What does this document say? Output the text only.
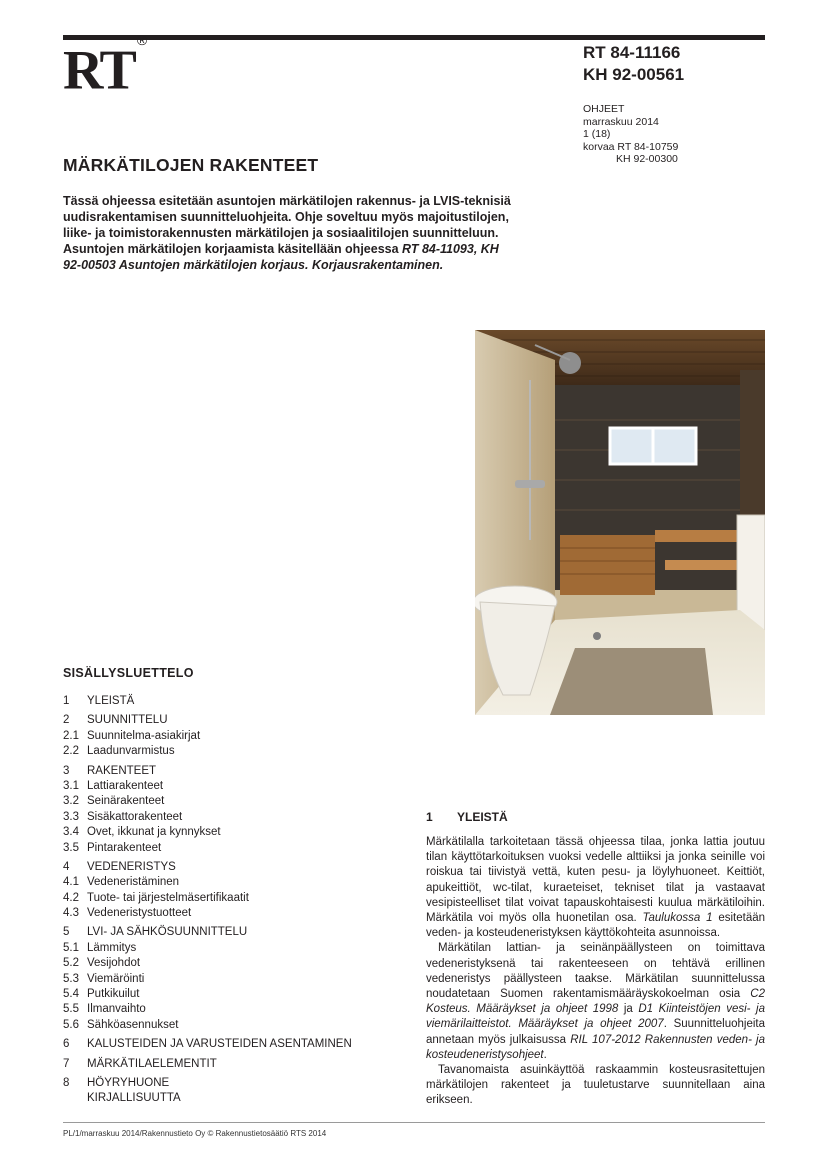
RT ®
RT 84-11166
KH 92-00561
OHJEET
marraskuu 2014
1 (18)
korvaa RT 84-10759
KH 92-00300
MÄRKÄTILOJEN RAKENTEET
Tässä ohjeessa esitetään asuntojen märkätilojen rakennus- ja LVIS-teknisiä uudisrakentamisen suunnitteluohjeita. Ohje soveltuu myös majoitustilojen, liike- ja toimistorakennusten märkätilojen ja sosiaalitilojen suunnitteluun. Asuntojen märkätilojen korjaamista käsitellään ohjeessa RT 84-11093, KH 92-00503 Asuntojen märkätilojen korjaus. Korjausrakentaminen.
SISÄLLYSLUETTELO
1	YLEISTÄ
2	SUUNNITTELU
2.1 Suunnitelma-asiakirjat
2.2 Laadunvarmistus
3	RAKENTEET
3.1 Lattiarakenteet
3.2 Seinärakenteet
3.3 Sisäkattorakenteet
3.4 Ovet, ikkunat ja kynnykset
3.5 Pintarakenteet
4	VEDENERISTYS
4.1 Vedeneristäminen
4.2 Tuote- tai järjestelmäsertifikaatit
4.3 Vedeneristystuotteet
5	LVI- JA SÄHKÖSUUNNITTELU
5.1 Lämmitys
5.2 Vesijohdot
5.3 Viemäröinti
5.4 Putkikuilut
5.5 Ilmanvaihto
5.6 Sähköasennukset
6	KALUSTEIDEN JA VARUSTEIDEN ASENTAMINEN
7	MÄRKÄTILAELEMENTIT
8	HÖYRYHUONE
KIRJALLISUUTTA
1 YLEISTÄ

Märkätilalla tarkoitetaan tässä ohjeessa tilaa, jonka lattia joutuu tilan käyttötarkoituksen vuoksi vedelle alttiiksi ja jonka seinille voi roiskua tai tiivistyä vettä, kuten pesu- ja löylyhuoneet. Keittiöt, apukeittiöt, wc-tilat, kuraeteiset, tekniset tilat ja vastaavat vesipisteelliset tilat voivat tapauskohtaisesti kuulua märkätiloihin. Märkätila voi myös olla huonetilan osa. Taulukossa 1 esitetään veden- ja kosteudeneristyksen käyttökohteita asunnoissa.

Märkätilan lattian- ja seinänpäällysteen on toimittava vedeneristyksenä tai rakenteeseen on tehtävä erillinen vedeneristys päällysteen taakse. Märkätilan suunnittelussa noudatetaan Suomen rakentamismääräyskokoelman osia C2 Kosteus. Määräykset ja ohjeet 1998 ja D1 Kiinteistöjen vesi- ja viemärilaitteistot. Määräykset ja ohjeet 2007. Suunnitteluohjeita annetaan myös julkaisussa RIL 107-2012 Rakennusten veden- ja kosteudeneristysohjeet.

Tavanomaista asuinkäyttöä raskaammin kosteusrasitettujen märkätilojen rakenteet ja tuuletustarve suunnitellaan aina erikseen.

PL/1/marraskuu 2014/Rakennustieto Oy © Rakennustietosäätiö RTS 2014
